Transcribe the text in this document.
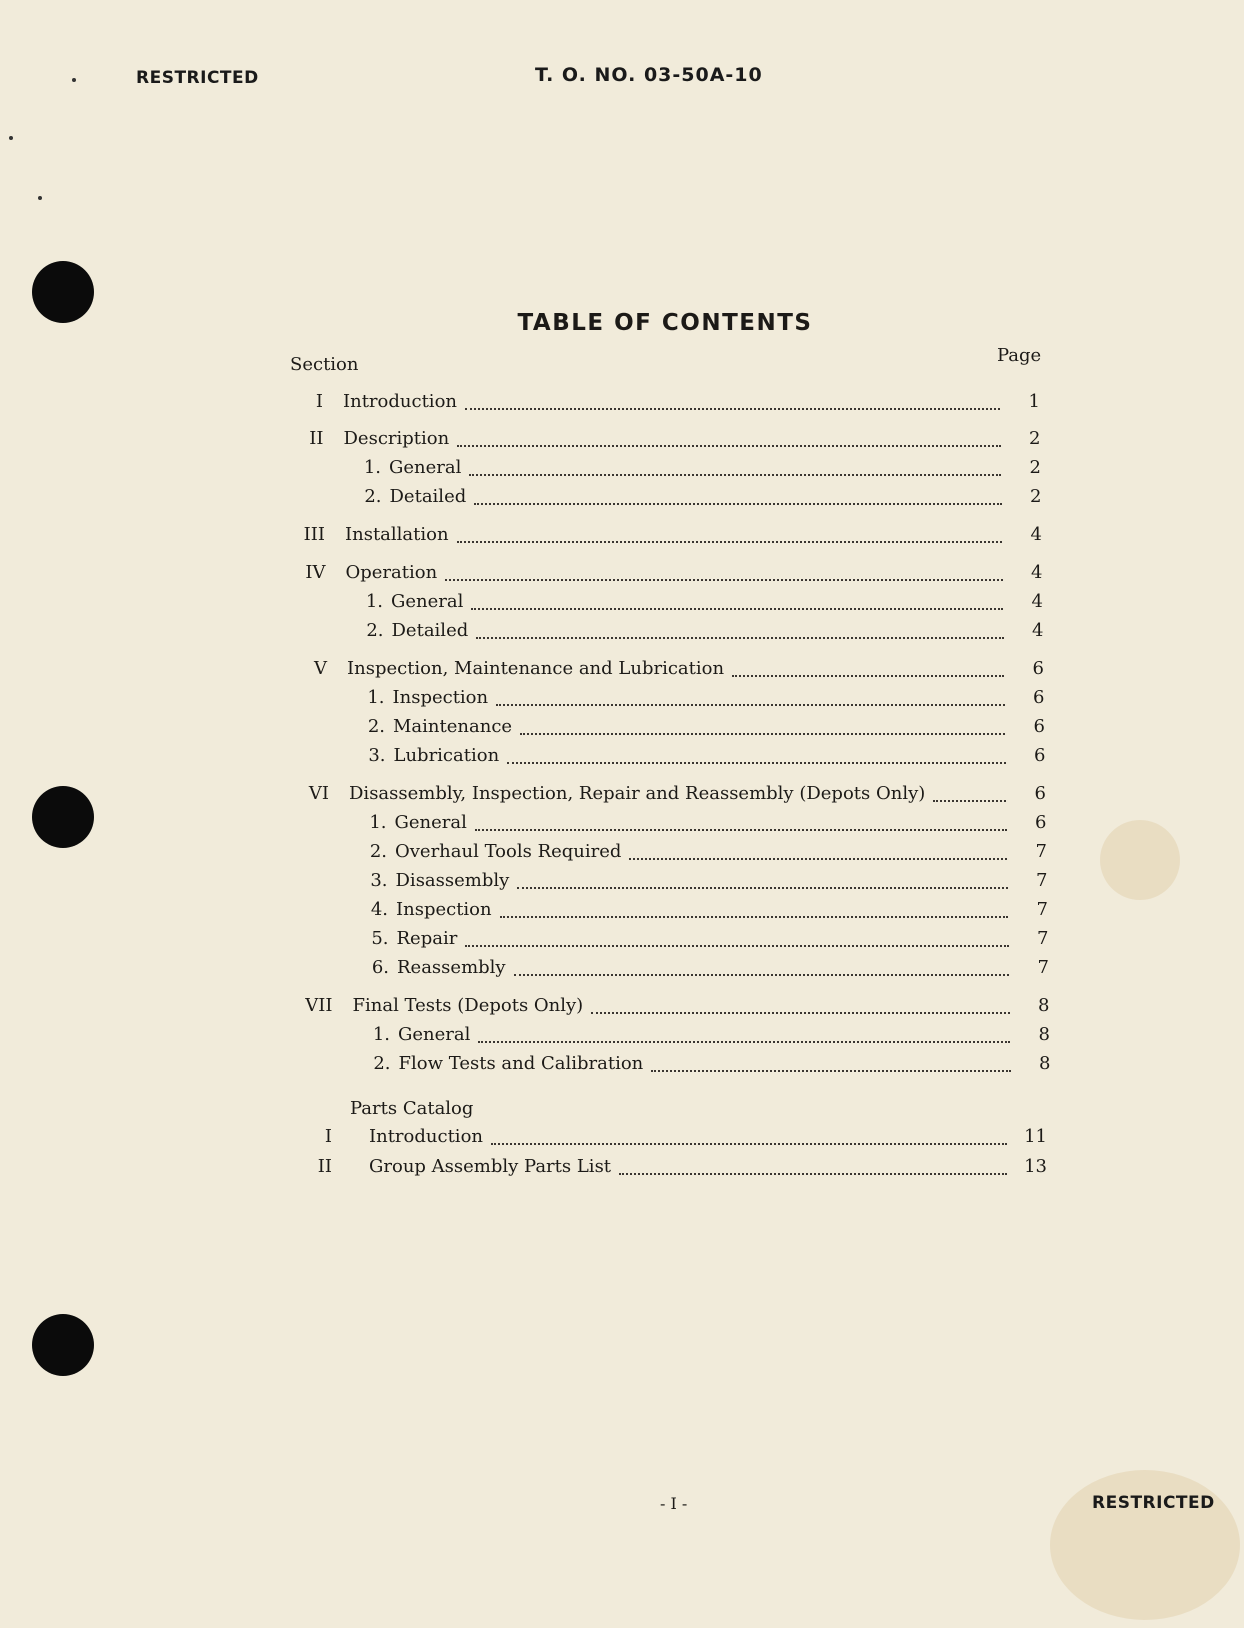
RESTRICTED	T. O. NO. 03-50A-10
TABLE OF CONTENTS
Section	Page
I Introduction	1
II Description	2
1. General	2
2. Detailed	2
III Installation	4
IV Operation	4
1. General	4
2. Detailed	4
V Inspection, Maintenance and Lubrication	6
1. Inspection	6
2. Maintenance	6
3. Lubrication	6
VI Disassembly, Inspection, Repair and Reassembly (Depots Only)	6
1. General	6
2. Overhaul Tools Required	7
3. Disassembly	7
4. Inspection	7
5. Repair	7
6. Reassembly	7
VII Final Tests (Depots Only)	8
1. General	8
2. Flow Tests and Calibration	8
Parts Catalog
I Introduction	11
II Group Assembly Parts List	13
- I -	RESTRICTED
